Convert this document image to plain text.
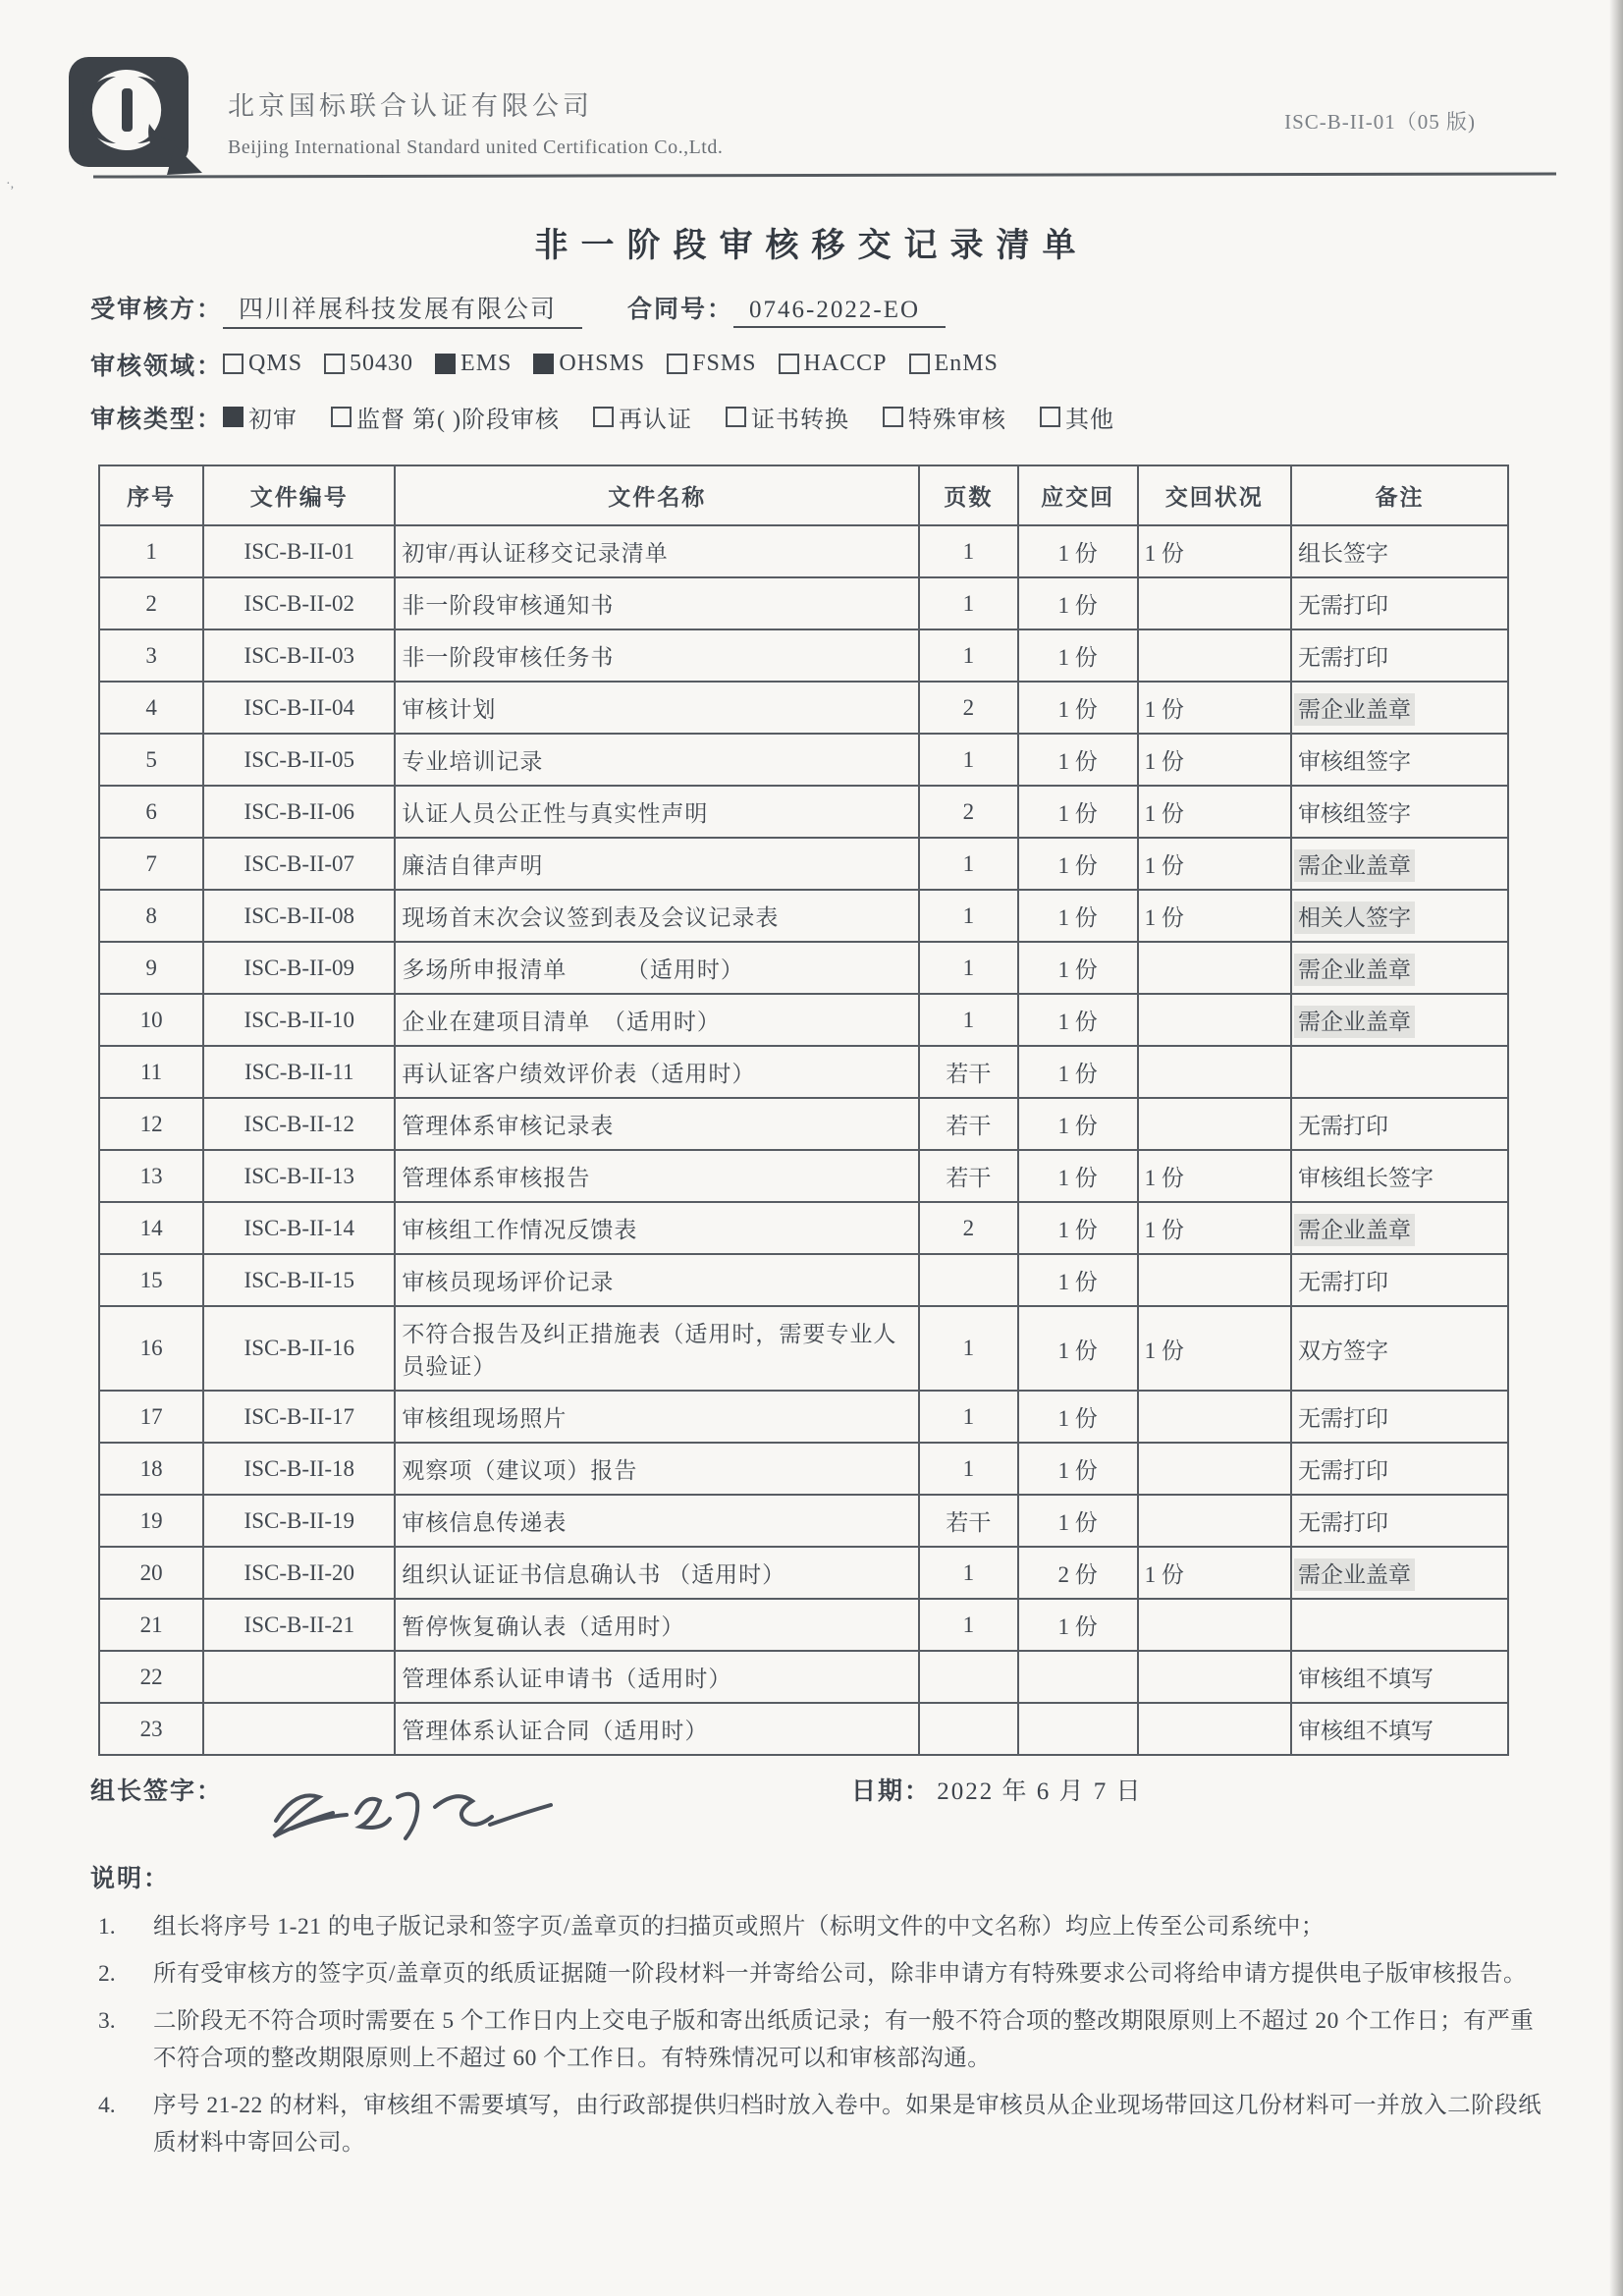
·,
北京国标联合认证有限公司
Beijing International Standard united Certification Co.,Ltd.
ISC-B-II-01（05 版)
非一阶段审核移交记录清单
受审核方： 四川祥展科技发展有限公司	合同号： 0746-2022-EO
审核领域： QMS 50430 EMS OHSMS FSMS HACCP EnMS
审核类型： 初审	监督 第( )阶段审核	再认证	证书转换	特殊审核	其他
序号	文件编号	文件名称	页数	应交回	交回状况	备注
1	ISC-B-II-01	初审/再认证移交记录清单	1	1 份	1 份	组长签字
2	ISC-B-II-02	非一阶段审核通知书	1	1 份		无需打印
3	ISC-B-II-03	非一阶段审核任务书	1	1 份		无需打印
4	ISC-B-II-04	审核计划	2	1 份	1 份	需企业盖章
5	ISC-B-II-05	专业培训记录	1	1 份	1 份	审核组签字
6	ISC-B-II-06	认证人员公正性与真实性声明	2	1 份	1 份	审核组签字
7	ISC-B-II-07	廉洁自律声明	1	1 份	1 份	需企业盖章
8	ISC-B-II-08	现场首末次会议签到表及会议记录表	1	1 份	1 份	相关人签字
9	ISC-B-II-09	多场所申报清单　　　（适用时）	1	1 份		需企业盖章
10	ISC-B-II-10	企业在建项目清单　（适用时）	1	1 份		需企业盖章
11	ISC-B-II-11	再认证客户绩效评价表（适用时）	若干	1 份		
12	ISC-B-II-12	管理体系审核记录表	若干	1 份		无需打印
13	ISC-B-II-13	管理体系审核报告	若干	1 份	1 份	审核组长签字
14	ISC-B-II-14	审核组工作情况反馈表	2	1 份	1 份	需企业盖章
15	ISC-B-II-15	审核员现场评价记录		1 份		无需打印
16	ISC-B-II-16	不符合报告及纠正措施表（适用时，需要专业人员验证）	1	1 份	1 份	双方签字
17	ISC-B-II-17	审核组现场照片	1	1 份		无需打印
18	ISC-B-II-18	观察项（建议项）报告	1	1 份		无需打印
19	ISC-B-II-19	审核信息传递表	若干	1 份		无需打印
20	ISC-B-II-20	组织认证证书信息确认书 （适用时）	1	2 份	1 份	需企业盖章
21	ISC-B-II-21	暂停恢复确认表（适用时）	1	1 份		
22		管理体系认证申请书（适用时）				审核组不填写
23		管理体系认证合同（适用时）				审核组不填写
组长签字：	日期： 2022 年 6 月 7 日
说明：
1.	组长将序号 1-21 的电子版记录和签字页/盖章页的扫描页或照片（标明文件的中文名称）均应上传至公司系统中；
2.	所有受审核方的签字页/盖章页的纸质证据随一阶段材料一并寄给公司，除非申请方有特殊要求公司将给申请方提供电子版审核报告。
3.	二阶段无不符合项时需要在 5 个工作日内上交电子版和寄出纸质记录；有一般不符合项的整改期限原则上不超过 20 个工作日；有严重不符合项的整改期限原则上不超过 60 个工作日。有特殊情况可以和审核部沟通。
4.	序号 21-22 的材料，审核组不需要填写，由行政部提供归档时放入卷中。如果是审核员从企业现场带回这几份材料可一并放入二阶段纸质材料中寄回公司。
